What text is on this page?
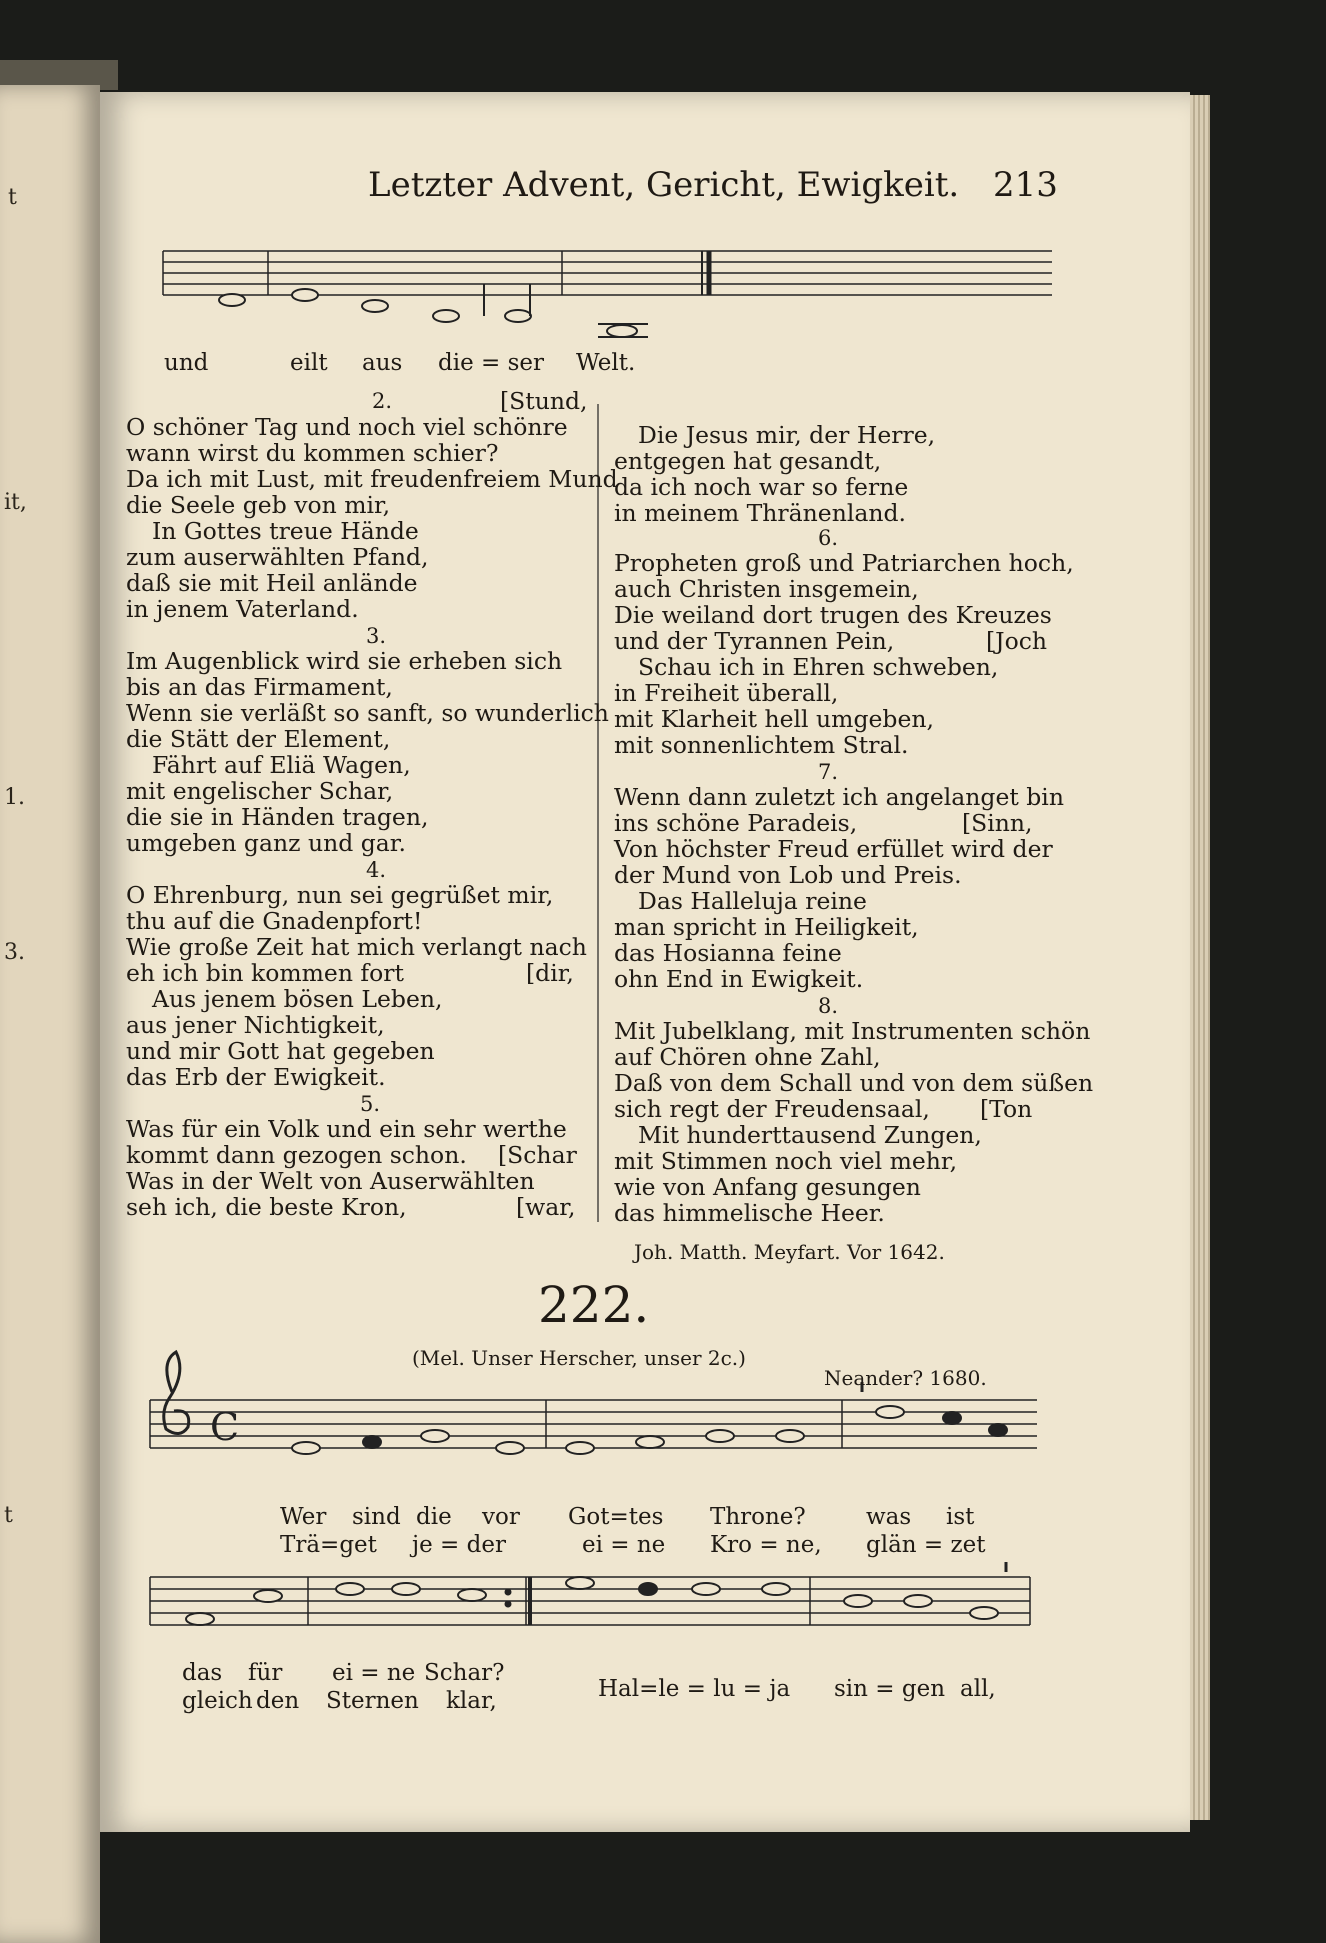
t
it,
1.
3.
t
Letzter Advent, Gericht, Ewigkeit. 213
C
und	eilt aus die = ser Welt.
2.	[Stund,
O schöner Tag und noch viel schönre
wann wirst du kommen schier?
Da ich mit Lust, mit freudenfreiem Mund
die Seele geb von mir,
In Gottes treue Hände
zum auserwählten Pfand,
daß sie mit Heil anlände
in jenem Vaterland.
3.
Im Augenblick wird sie erheben sich
bis an das Firmament,
Wenn sie verläßt so sanft, so wunderlich
die Stätt der Element,
Fährt auf Eliä Wagen,
mit engelischer Schar,
die sie in Händen tragen,
umgeben ganz und gar.
4.
O Ehrenburg, nun sei gegrüßet mir,
thu auf die Gnadenpfort!
Wie große Zeit hat mich verlangt nach
eh ich bin kommen fort	[dir,
Aus jenem bösen Leben,
aus jener Nichtigkeit,
und mir Gott hat gegeben
das Erb der Ewigkeit.
5.
Was für ein Volk und ein sehr werthe
kommt dann gezogen schon. [Schar
Was in der Welt von Auserwählten
seh ich, die beste Kron,	[war,
Die Jesus mir, der Herre,
entgegen hat gesandt,
da ich noch war so ferne
in meinem Thränenland.
6.
Propheten groß und Patriarchen hoch,
auch Christen insgemein,
Die weiland dort trugen des Kreuzes
und der Tyrannen Pein,	[Joch
Schau ich in Ehren schweben,
in Freiheit überall,
mit Klarheit hell umgeben,
mit sonnenlichtem Stral.
7.
Wenn dann zuletzt ich angelanget bin
ins schöne Paradeis,	[Sinn,
Von höchster Freud erfüllet wird der
der Mund von Lob und Preis.
Das Halleluja reine
man spricht in Heiligkeit,
das Hosianna feine
ohn End in Ewigkeit.
8.
Mit Jubelklang, mit Instrumenten schön
auf Chören ohne Zahl,
Daß von dem Schall und von dem süßen
sich regt der Freudensaal, [Ton
Mit hunderttausend Zungen,
mit Stimmen noch viel mehr,
wie von Anfang gesungen
das himmelische Heer.
Joh. Matth. Meyfart. Vor 1642.
222.
(Mel. Unser Herscher, unser 2c.)
Neander? 1680.
Wer sind die vor Got=tes Throne?	was ist
Trä=get je = der	ei = ne Kro = ne, glän = zet
das für ei = ne Schar?
Hal=le = lu = ja sin = gen all,
gleich den Sternen klar,
